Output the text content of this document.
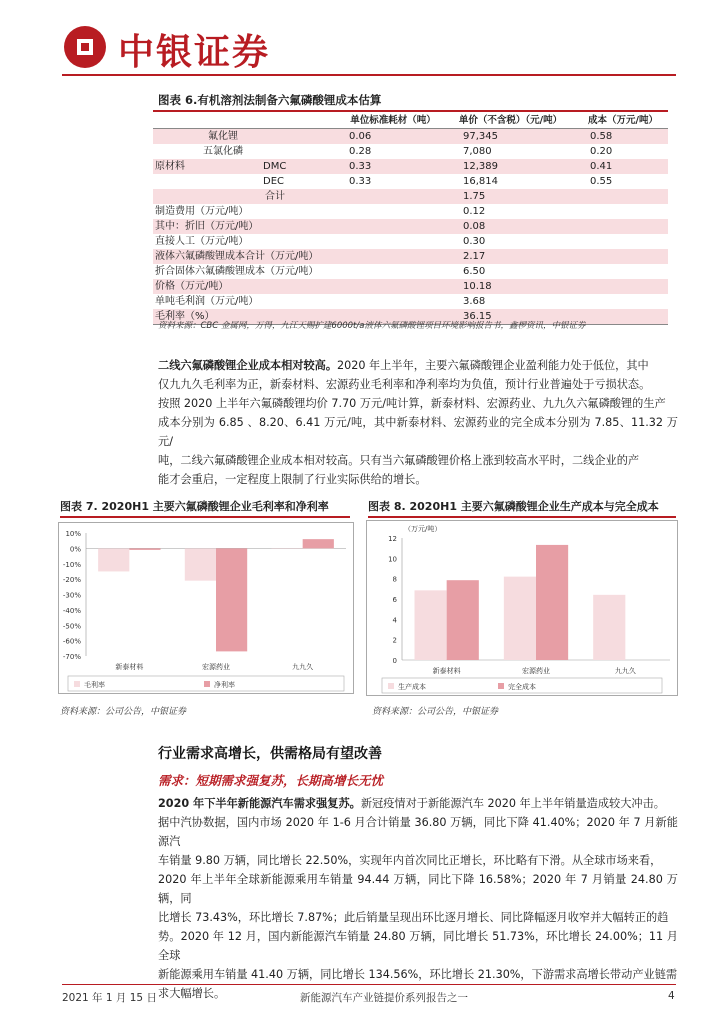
中银证券
图表 6.有机溶剂法制备六氟磷酸锂成本估算
	单位标准耗材（吨）	单价（不含税）（元/吨）	成本（万元/吨）
氟化锂	0.06	97,345	0.58
五氯化磷	0.28	7,080	0.20
原材料 DMC	0.33	12,389	0.41
DEC	0.33	16,814	0.55
合计		1.75	
制造费用（万元/吨）		0.12	
其中：折旧（万元/吨）		0.08	
直接人工（万元/吨）		0.30	
液体六氟磷酸锂成本合计（万元/吨）		2.17	
折合固体六氟磷酸锂成本（万元/吨）		6.50	
价格（万元/吨）		10.18	
单吨毛利润（万元/吨）		3.68	
毛利率（%）		36.15	
资料来源：CBC 金属网，万得，九江天赐扩建6000t/a液体六氟磷酸锂项目环境影响报告书，鑫椤资讯，中银证券
二线六氟磷酸锂企业成本相对较高。2020 年上半年，主要六氟磷酸锂企业盈利能力处于低位，其中
仅九九久毛利率为正，新泰材料、宏源药业毛利率和净利率均为负值，预计行业普遍处于亏损状态。
按照 2020 上半年六氟磷酸锂均价 7.70 万元/吨计算，新泰材料、宏源药业、九九久六氟磷酸锂的生产
成本分别为 6.85 、8.20、6.41 万元/吨，其中新泰材料、宏源药业的完全成本分别为 7.85、11.32 万元/
吨，二线六氟磷酸锂企业成本相对较高。只有当六氟磷酸锂价格上涨到较高水平时，二线企业的产
能才会重启，一定程度上限制了行业实际供给的增长。
图表 7. 2020H1 主要六氟磷酸锂企业毛利率和净利率
10%
0%
-10%
-20%
-30%
-40%
-50%
-60%
-70%
新泰材料	宏源药业	九九久
毛利率	净利率
资料来源：公司公告，中银证券
图表 8. 2020H1 主要六氟磷酸锂企业生产成本与完全成本
12
10
8
6
4
2
0
新泰材料	宏源药业	九九久
生产成本	完全成本
（万元/吨）
资料来源：公司公告，中银证券
行业需求高增长，供需格局有望改善
需求：短期需求强复苏，长期高增长无忧
2020 年下半年新能源汽车需求强复苏。新冠疫情对于新能源汽车 2020 年上半年销量造成较大冲击。
据中汽协数据，国内市场 2020 年 1-6 月合计销量 36.80 万辆，同比下降 41.40%；2020 年 7 月新能源汽
车销量 9.80 万辆，同比增长 22.50%，实现年内首次同比正增长，环比略有下滑。从全球市场来看，
2020 年上半年全球新能源乘用车销量 94.44 万辆，同比下降 16.58%；2020 年 7 月销量 24.80 万辆，同
比增长 73.43%，环比增长 7.87%；此后销量呈现出环比逐月增长、同比降幅逐月收窄并大幅转正的趋
势。2020 年 12 月，国内新能源汽车销量 24.80 万辆，同比增长 51.73%，环比增长 24.00%；11 月全球
新能源乘用车销量 41.40 万辆，同比增长 134.56%，环比增长 21.30%，下游需求高增长带动产业链需
求大幅增长。
2021 年 1 月 15 日	新能源汽车产业链提价系列报告之一	4
